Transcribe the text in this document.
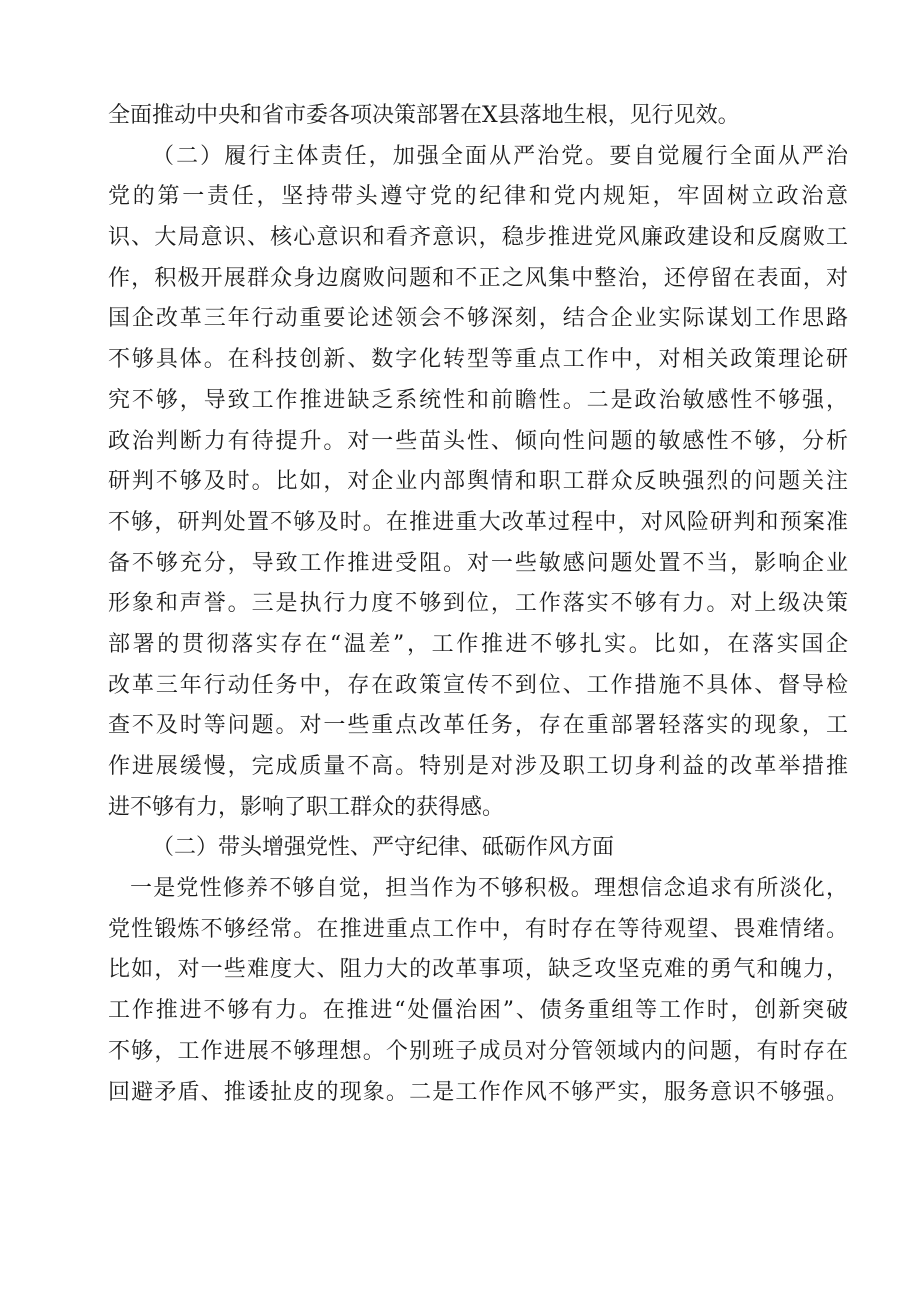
全面推动中央和省市委各项决策部署在X县落地生根，见行见效。
（二）履行主体责任，加强全面从严治党。要自觉履行全面从严治
党的第一责任，坚持带头遵守党的纪律和党内规矩，牢固树立政治意
识、大局意识、核心意识和看齐意识，稳步推进党风廉政建设和反腐败工
作，积极开展群众身边腐败问题和不正之风集中整治，还停留在表面，对
国企改革三年行动重要论述领会不够深刻，结合企业实际谋划工作思路
不够具体。在科技创新、数字化转型等重点工作中，对相关政策理论研
究不够，导致工作推进缺乏系统性和前瞻性。二是政治敏感性不够强，
政治判断力有待提升。对一些苗头性、倾向性问题的敏感性不够，分析
研判不够及时。比如，对企业内部舆情和职工群众反映强烈的问题关注
不够，研判处置不够及时。在推进重大改革过程中，对风险研判和预案准
备不够充分，导致工作推进受阻。对一些敏感问题处置不当，影响企业
形象和声誉。三是执行力度不够到位，工作落实不够有力。对上级决策
部署的贯彻落实存在“温差”，工作推进不够扎实。比如，在落实国企
改革三年行动任务中，存在政策宣传不到位、工作措施不具体、督导检
查不及时等问题。对一些重点改革任务，存在重部署轻落实的现象，工
作进展缓慢，完成质量不高。特别是对涉及职工切身利益的改革举措推
进不够有力，影响了职工群众的获得感。
（二）带头增强党性、严守纪律、砥砺作风方面
一是党性修养不够自觉，担当作为不够积极。理想信念追求有所淡化，
党性锻炼不够经常。在推进重点工作中，有时存在等待观望、畏难情绪。
比如，对一些难度大、阻力大的改革事项，缺乏攻坚克难的勇气和魄力，
工作推进不够有力。在推进“处僵治困”、债务重组等工作时，创新突破
不够，工作进展不够理想。个别班子成员对分管领域内的问题，有时存在
回避矛盾、推诿扯皮的现象。二是工作作风不够严实，服务意识不够强。
